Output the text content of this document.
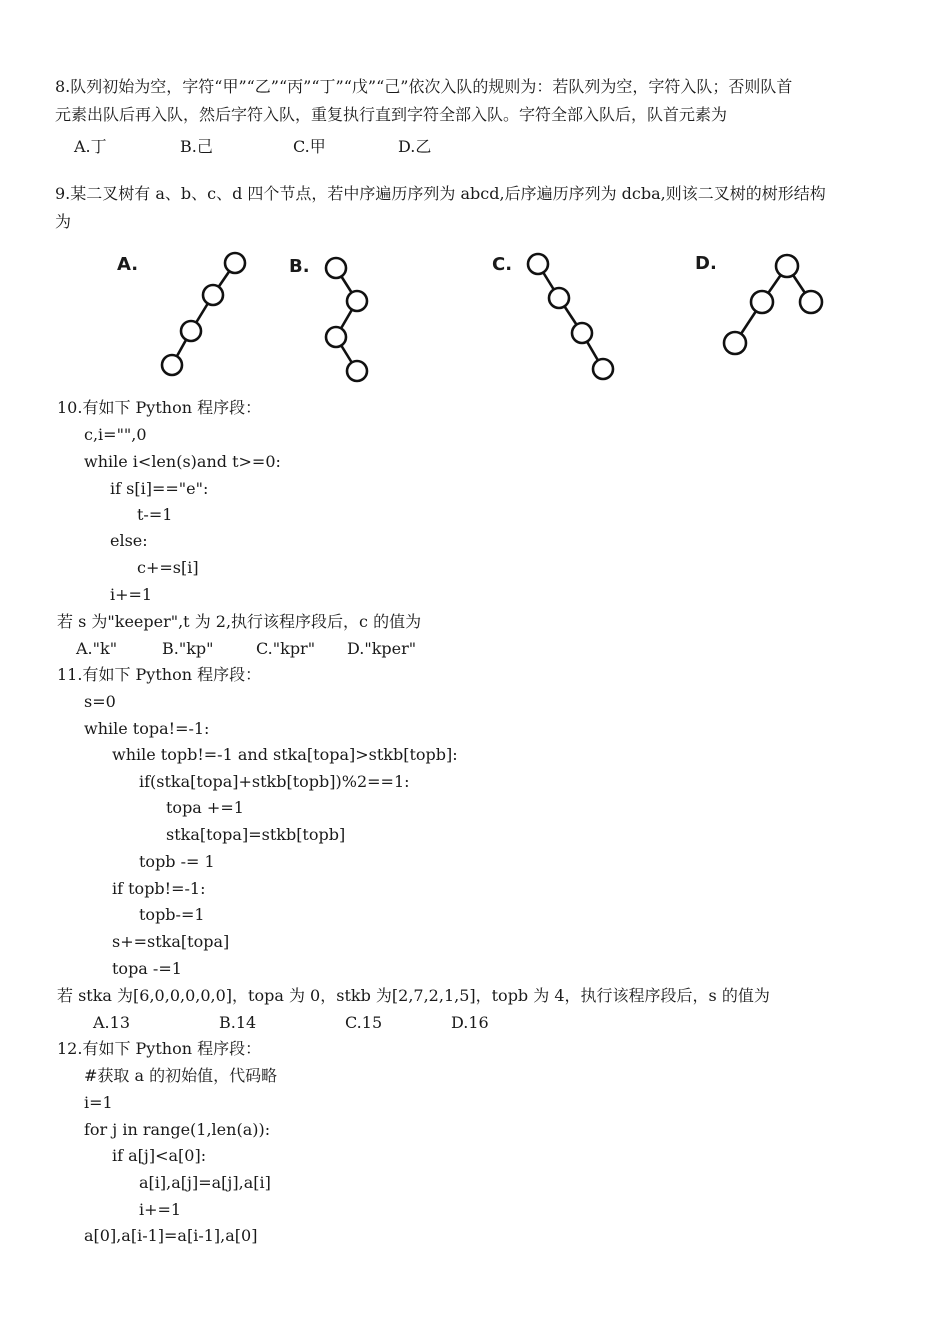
8.队列初始为空，字符“甲”“乙”“丙”“丁”“戊”“己”依次入队的规则为：若队列为空，字符入队；否则队首
元素出队后再入队，然后字符入队，重复执行直到字符全部入队。字符全部入队后，队首元素为
A.丁	B.己	C.甲	D.乙
9.某二叉树有 a、b、c、d 四个节点，若中序遍历序列为 abcd,后序遍历序列为 dcba,则该二叉树的树形结构
为
A.	B.	C.	D.
10.有如下 Python 程序段：
c,i="",0
while i<len(s)and t>=0:
if s[i]=="e":
t-=1
else:
c+=s[i]
i+=1
若 s 为"keeper",t 为 2,执行该程序段后，c 的值为
A."k"	B."kp"	C."kpr" D."kper"
11.有如下 Python 程序段：
s=0
while topa!=-1:
while topb!=-1 and stka[topa]>stkb[topb]:
if(stka[topa]+stkb[topb])%2==1:
topa +=1
stka[topa]=stkb[topb]
topb -= 1
if topb!=-1:
topb-=1
s+=stka[topa]
topa -=1
若 stka 为[6,0,0,0,0,0]，topa 为 0，stkb 为[2,7,2,1,5]，topb 为 4，执行该程序段后，s 的值为
A.13	B.14	C.15	D.16
12.有如下 Python 程序段：
#获取 a 的初始值，代码略
i=1
for j in range(1,len(a)):
if a[j]<a[0]:
a[i],a[j]=a[j],a[i]
i+=1
a[0],a[i-1]=a[i-1],a[0]
